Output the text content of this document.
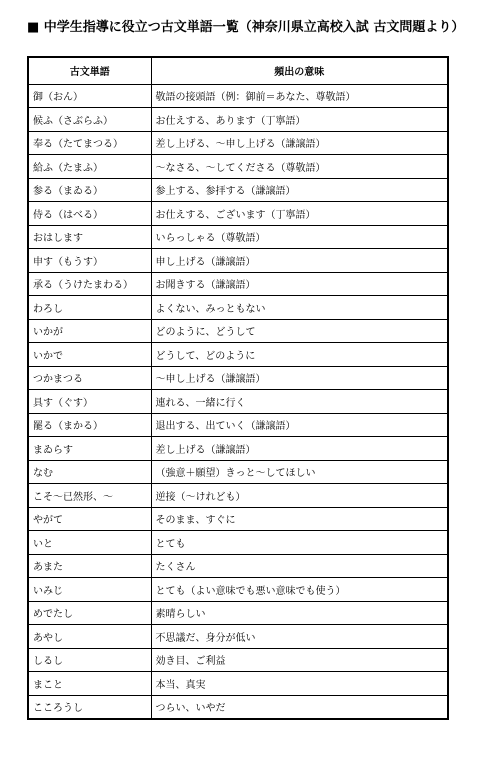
■ 中学生指導に役立つ古文単語一覧（神奈川県立高校入試 古文問題より）
古文単語	頻出の意味
御（おん）	敬語の接頭語（例：御前＝あなた、尊敬語）
候ふ（さぶらふ）	お仕えする、あります（丁寧語）
奉る（たてまつる）	差し上げる、〜申し上げる（謙譲語）
給ふ（たまふ）	〜なさる、〜してくださる（尊敬語）
参る（まゐる）	参上する、参拝する（謙譲語）
侍る（はべる）	お仕えする、ございます（丁寧語）
おはします	いらっしゃる（尊敬語）
申す（もうす）	申し上げる（謙譲語）
承る（うけたまわる）	お聞きする（謙譲語）
わろし	よくない、みっともない
いかが	どのように、どうして
いかで	どうして、どのように
つかまつる	〜申し上げる（謙譲語）
具す（ぐす）	連れる、一緒に行く
罷る（まかる）	退出する、出ていく（謙譲語）
まゐらす	差し上げる（謙譲語）
なむ	（強意＋願望）きっと〜してほしい
こそ〜已然形、〜	逆接（〜けれども）
やがて	そのまま、すぐに
いと	とても
あまた	たくさん
いみじ	とても（よい意味でも悪い意味でも使う）
めでたし	素晴らしい
あやし	不思議だ、身分が低い
しるし	効き目、ご利益
まこと	本当、真実
こころうし	つらい、いやだ
